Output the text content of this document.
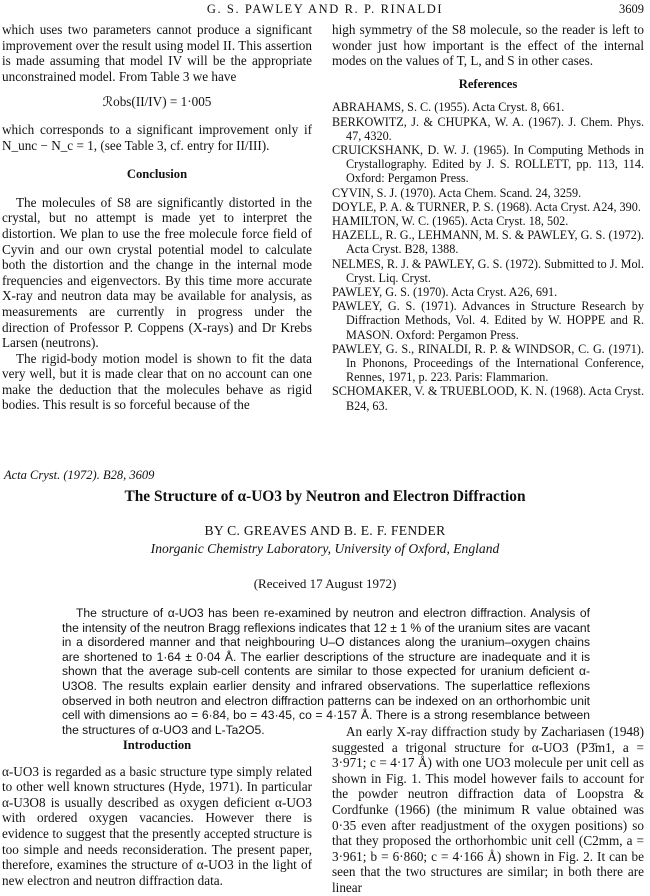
G. S. PAWLEY AND R. P. RINALDI	3609

which uses two parameters cannot produce a significant improvement over the result using model II. This assertion is made assuming that model IV will be the appropriate unconstrained model. From Table 3 we have

ℛobs(II/IV) = 1·005

which corresponds to a significant improvement only if N_unc − N_c = 1, (see Table 3, cf. entry for II/III).

Conclusion

The molecules of S8 are significantly distorted in the crystal, but no attempt is made yet to interpret the distortion. We plan to use the free molecule force field of Cyvin and our own crystal potential model to calculate both the distortion and the change in the internal mode frequencies and eigenvectors. By this time more accurate X-ray and neutron data may be available for analysis, as measurements are currently in progress under the direction of Professor P. Coppens (X-rays) and Dr Krebs Larsen (neutrons).

The rigid-body motion model is shown to fit the data very well, but it is made clear that on no account can one make the deduction that the molecules behave as rigid bodies. This result is so forceful because of the

high symmetry of the S8 molecule, so the reader is left to wonder just how important is the effect of the internal modes on the values of T, L, and S in other cases.

References

ABRAHAMS, S. C. (1955). Acta Cryst. 8, 661.

BERKOWITZ, J. & CHUPKA, W. A. (1967). J. Chem. Phys. 47, 4320.

CRUICKSHANK, D. W. J. (1965). In Computing Methods in Crystallography. Edited by J. S. ROLLETT, pp. 113, 114. Oxford: Pergamon Press.

CYVIN, S. J. (1970). Acta Chem. Scand. 24, 3259.

DOYLE, P. A. & TURNER, P. S. (1968). Acta Cryst. A24, 390.

HAMILTON, W. C. (1965). Acta Cryst. 18, 502.

HAZELL, R. G., LEHMANN, M. S. & PAWLEY, G. S. (1972). Acta Cryst. B28, 1388.

NELMES, R. J. & PAWLEY, G. S. (1972). Submitted to J. Mol. Cryst. Liq. Cryst.

PAWLEY, G. S. (1970). Acta Cryst. A26, 691.

PAWLEY, G. S. (1971). Advances in Structure Research by Diffraction Methods, Vol. 4. Edited by W. HOPPE and R. MASON. Oxford: Pergamon Press.

PAWLEY, G. S., RINALDI, R. P. & WINDSOR, C. G. (1971). In Phonons, Proceedings of the International Conference, Rennes, 1971, p. 223. Paris: Flammarion.

SCHOMAKER, V. & TRUEBLOOD, K. N. (1968). Acta Cryst. B24, 63.

Acta Cryst. (1972). B28, 3609
The Structure of α-UO3 by Neutron and Electron Diffraction
BY C. GREAVES AND B. E. F. FENDER
Inorganic Chemistry Laboratory, University of Oxford, England
(Received 17 August 1972)
The structure of α-UO3 has been re-examined by neutron and electron diffraction. Analysis of the intensity of the neutron Bragg reflexions indicates that 12 ± 1 % of the uranium sites are vacant in a disordered manner and that neighbouring U–O distances along the uranium–oxygen chains are shortened to 1·64 ± 0·04 Å. The earlier descriptions of the structure are inadequate and it is shown that the average sub-cell contents are similar to those expected for uranium deficient α-U3O8. The results explain earlier density and infrared observations. The superlattice reflexions observed in both neutron and electron diffraction patterns can be indexed on an orthorhombic unit cell with dimensions ao = 6·84, bo = 43·45, co = 4·157 Å. There is a strong resemblance between the structures of α-UO3 and L-Ta2O5.
Introduction

α-UO3 is regarded as a basic structure type simply related to other well known structures (Hyde, 1971). In particular α-U3O8 is usually described as oxygen deficient α-UO3 with ordered oxygen vacancies. However there is evidence to suggest that the presently accepted structure is too simple and needs reconsideration. The present paper, therefore, examines the structure of α-UO3 in the light of new electron and neutron diffraction data.

An early X-ray diffraction study by Zachariasen (1948) suggested a trigonal structure for α-UO3 (P3̄m1, a = 3·971; c = 4·17 Å) with one UO3 molecule per unit cell as shown in Fig. 1. This model however fails to account for the powder neutron diffraction data of Loopstra & Cordfunke (1966) (the minimum R value obtained was 0·35 even after readjustment of the oxygen positions) so that they proposed the orthorhombic unit cell (C2mm, a = 3·961; b = 6·860; c = 4·166 Å) shown in Fig. 2. It can be seen that the two structures are similar; in both there are linear
